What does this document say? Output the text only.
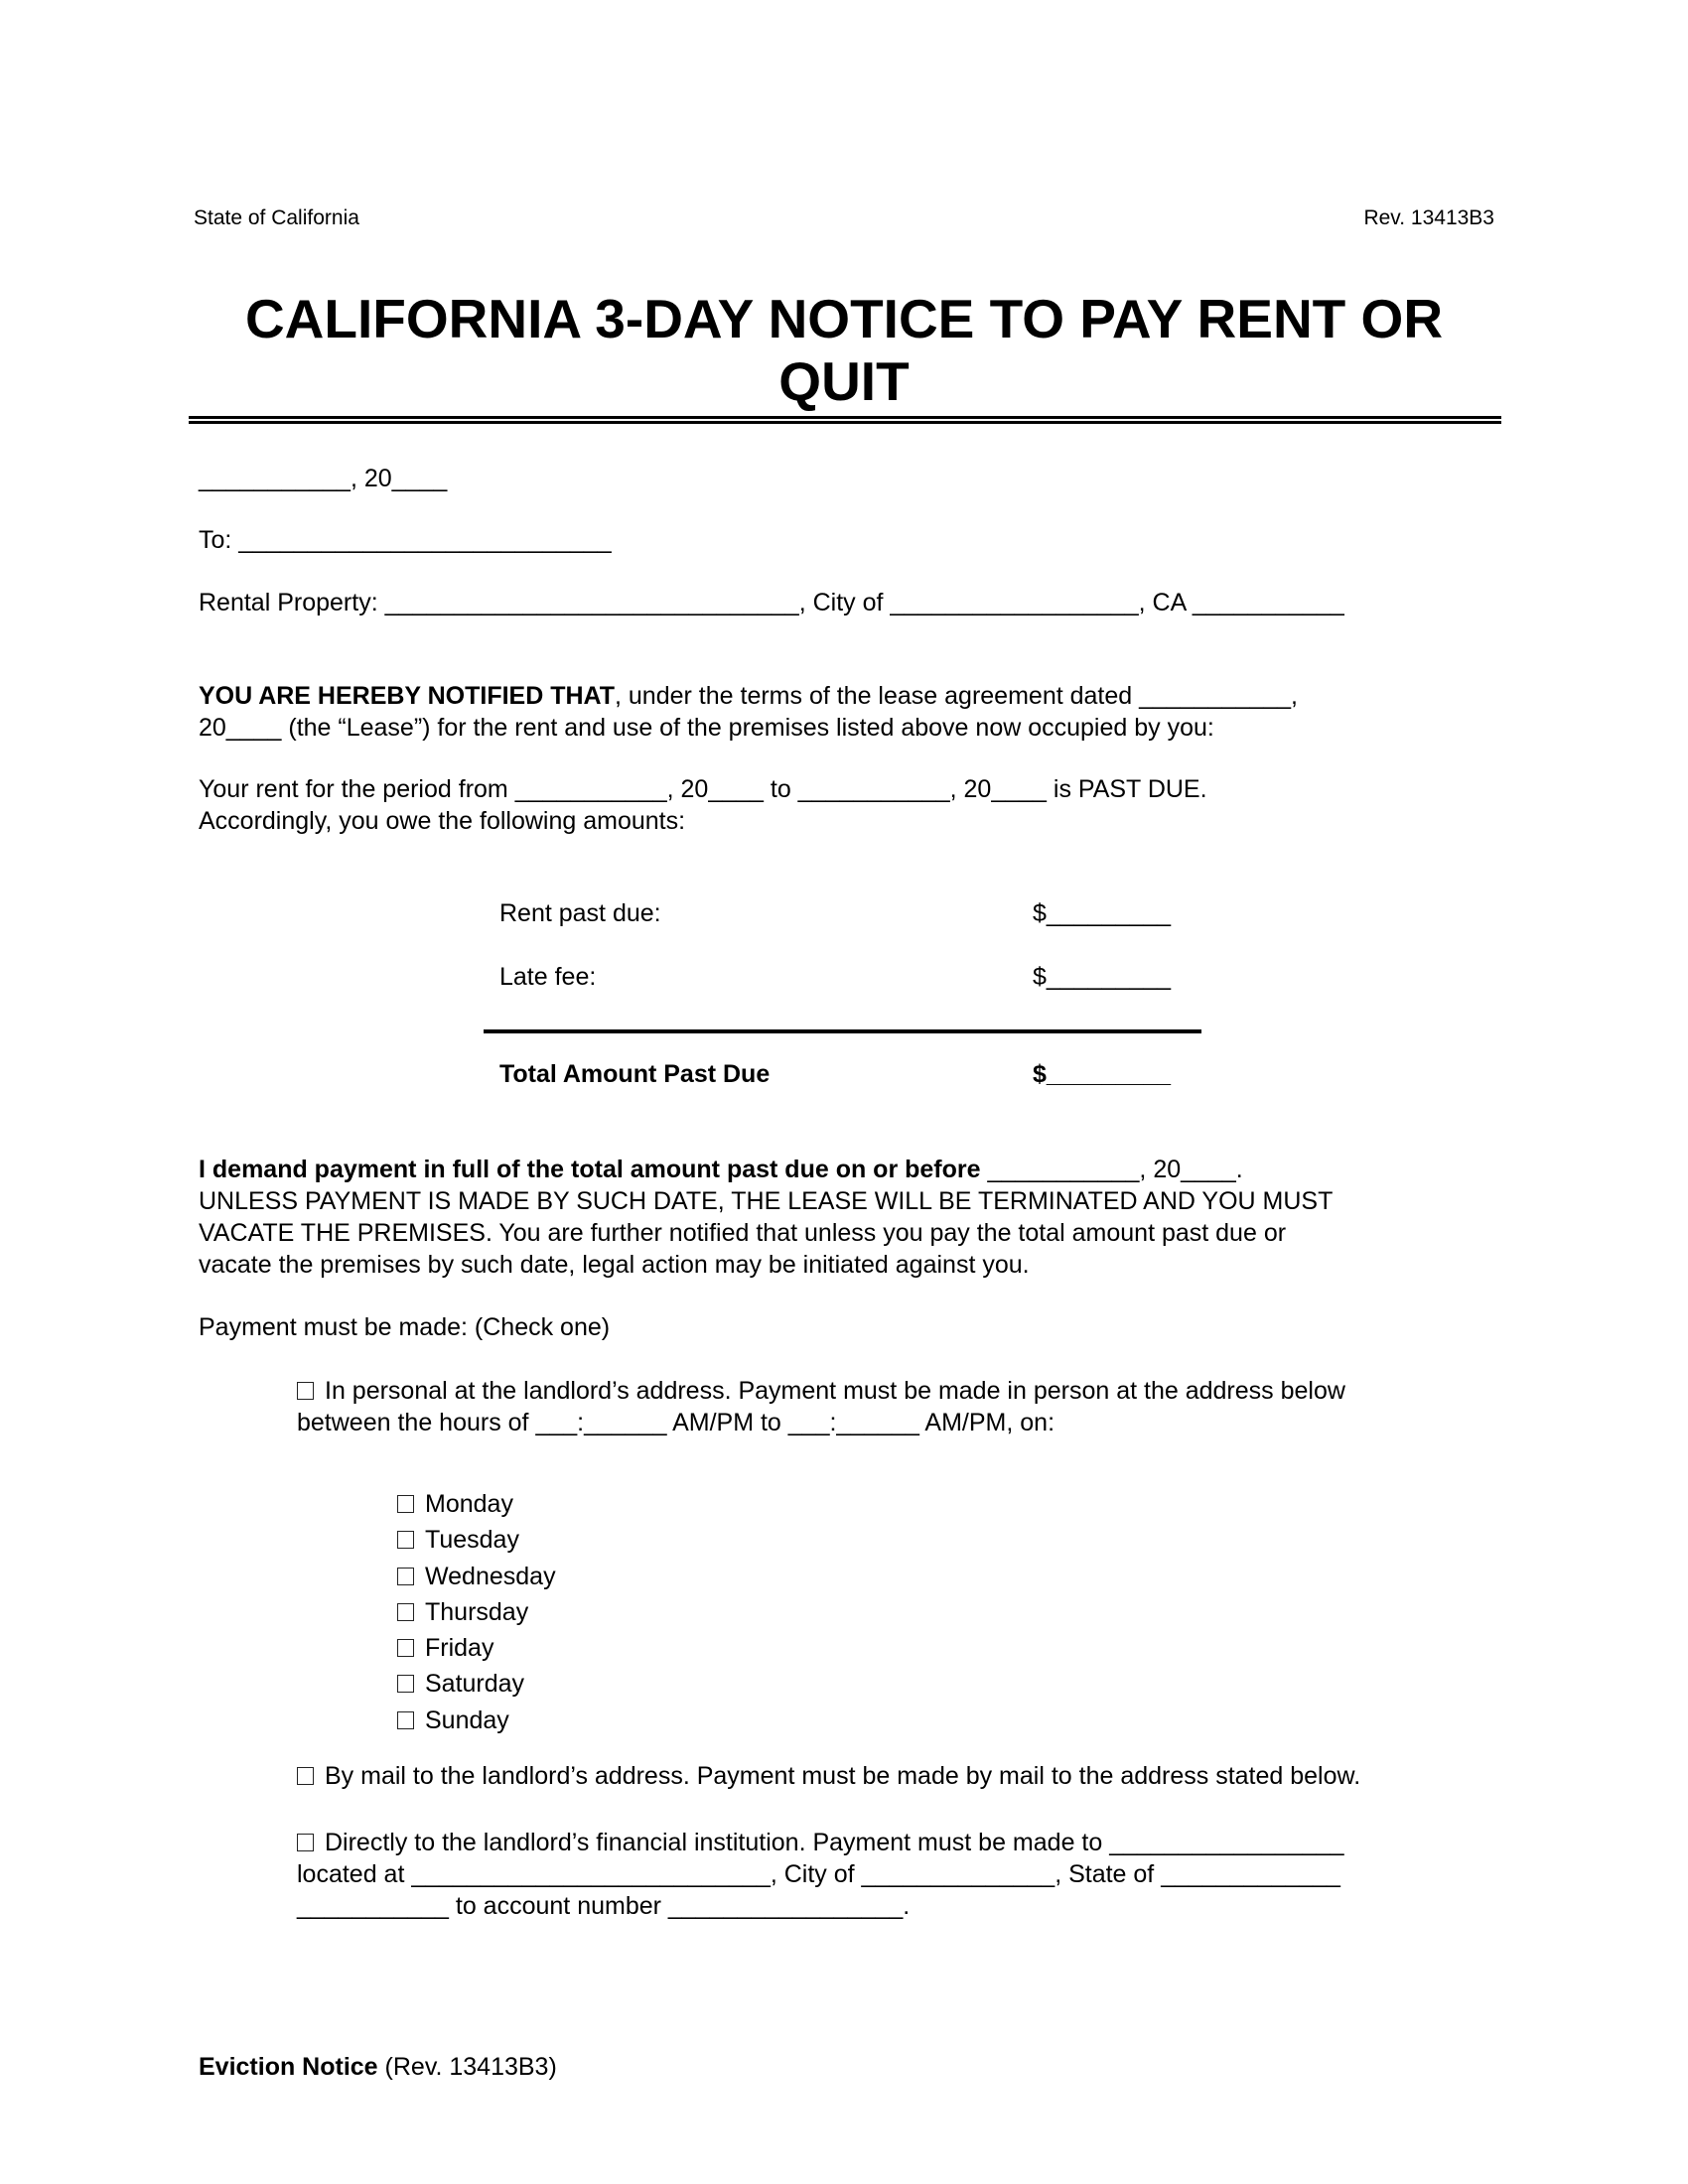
State of California	Rev. 13413B3
CALIFORNIA 3-DAY NOTICE TO PAY RENT OR
QUIT
___________, 20____
To: ___________________________
Rental Property: ______________________________, City of __________________, CA ___________
YOU ARE HEREBY NOTIFIED THAT, under the terms of the lease agreement dated ___________,
20____ (the “Lease”) for the rent and use of the premises listed above now occupied by you:
Your rent for the period from ___________, 20____ to ___________, 20____ is PAST DUE.
Accordingly, you owe the following amounts:
Rent past due:	$_________
Late fee:	$_________
Total Amount Past Due	$_________
I demand payment in full of the total amount past due on or before ___________, 20____.
UNLESS PAYMENT IS MADE BY SUCH DATE, THE LEASE WILL BE TERMINATED AND YOU MUST
VACATE THE PREMISES. You are further notified that unless you pay the total amount past due or
vacate the premises by such date, legal action may be initiated against you.
Payment must be made: (Check one)
In personal at the landlord’s address. Payment must be made in person at the address below
between the hours of ___:______ AM/PM to ___:______ AM/PM, on:
Monday
Tuesday
Wednesday
Thursday
Friday
Saturday
Sunday
By mail to the landlord’s address. Payment must be made by mail to the address stated below.
Directly to the landlord’s financial institution. Payment must be made to _________________
located at __________________________, City of ______________, State of _____________
___________ to account number _________________.
Eviction Notice (Rev. 13413B3)
